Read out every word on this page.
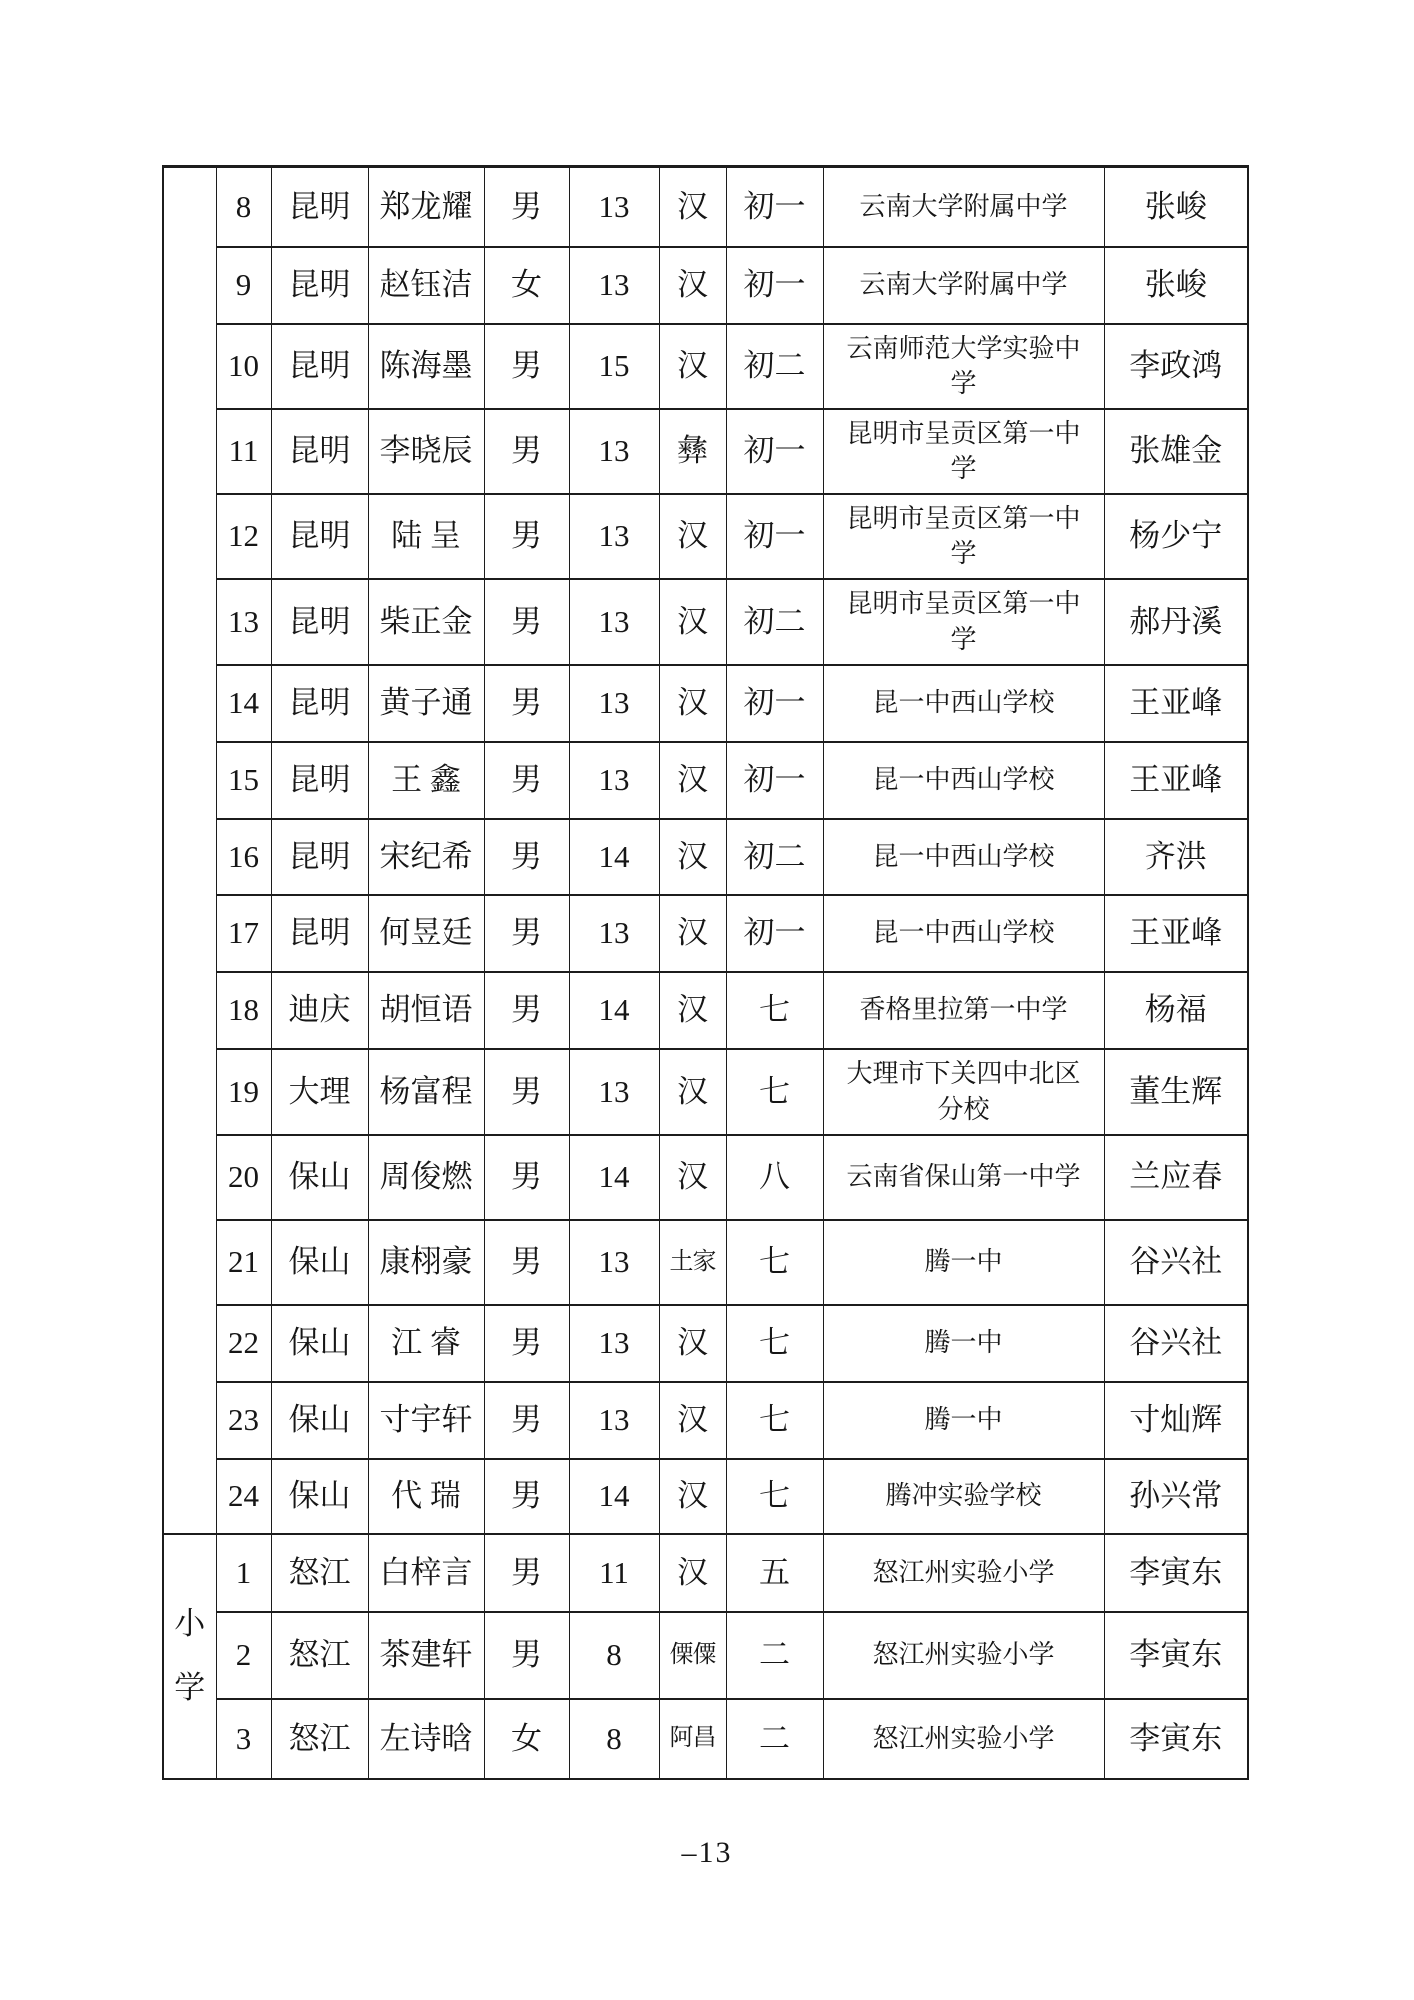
	8	昆明	郑龙耀	男	13	汉	初一	云南大学附属中学	张峻
	9	昆明	赵钰洁	女	13	汉	初一	云南大学附属中学	张峻
	10	昆明	陈海墨	男	15	汉	初二	云南师范大学实验中学	李政鸿
	11	昆明	李晓辰	男	13	彝	初一	昆明市呈贡区第一中学	张雄金
	12	昆明	陆 呈	男	13	汉	初一	昆明市呈贡区第一中学	杨少宁
	13	昆明	柴正金	男	13	汉	初二	昆明市呈贡区第一中学	郝丹溪
	14	昆明	黄子通	男	13	汉	初一	昆一中西山学校	王亚峰
	15	昆明	王 鑫	男	13	汉	初一	昆一中西山学校	王亚峰
	16	昆明	宋纪希	男	14	汉	初二	昆一中西山学校	齐洪
	17	昆明	何昱廷	男	13	汉	初一	昆一中西山学校	王亚峰
	18	迪庆	胡恒语	男	14	汉	七	香格里拉第一中学	杨福
	19	大理	杨富程	男	13	汉	七	大理市下关四中北区分校	董生辉
	20	保山	周俊燃	男	14	汉	八	云南省保山第一中学	兰应春
	21	保山	康栩豪	男	13	土家	七	腾一中	谷兴社
	22	保山	江 睿	男	13	汉	七	腾一中	谷兴社
	23	保山	寸宇轩	男	13	汉	七	腾一中	寸灿辉
	24	保山	代 瑞	男	14	汉	七	腾冲实验学校	孙兴常
小学	1	怒江	白梓言	男	11	汉	五	怒江州实验小学	李寅东
	2	怒江	茶建轩	男	8	傈僳	二	怒江州实验小学	李寅东
	3	怒江	左诗晗	女	8	阿昌	二	怒江州实验小学	李寅东
–13
